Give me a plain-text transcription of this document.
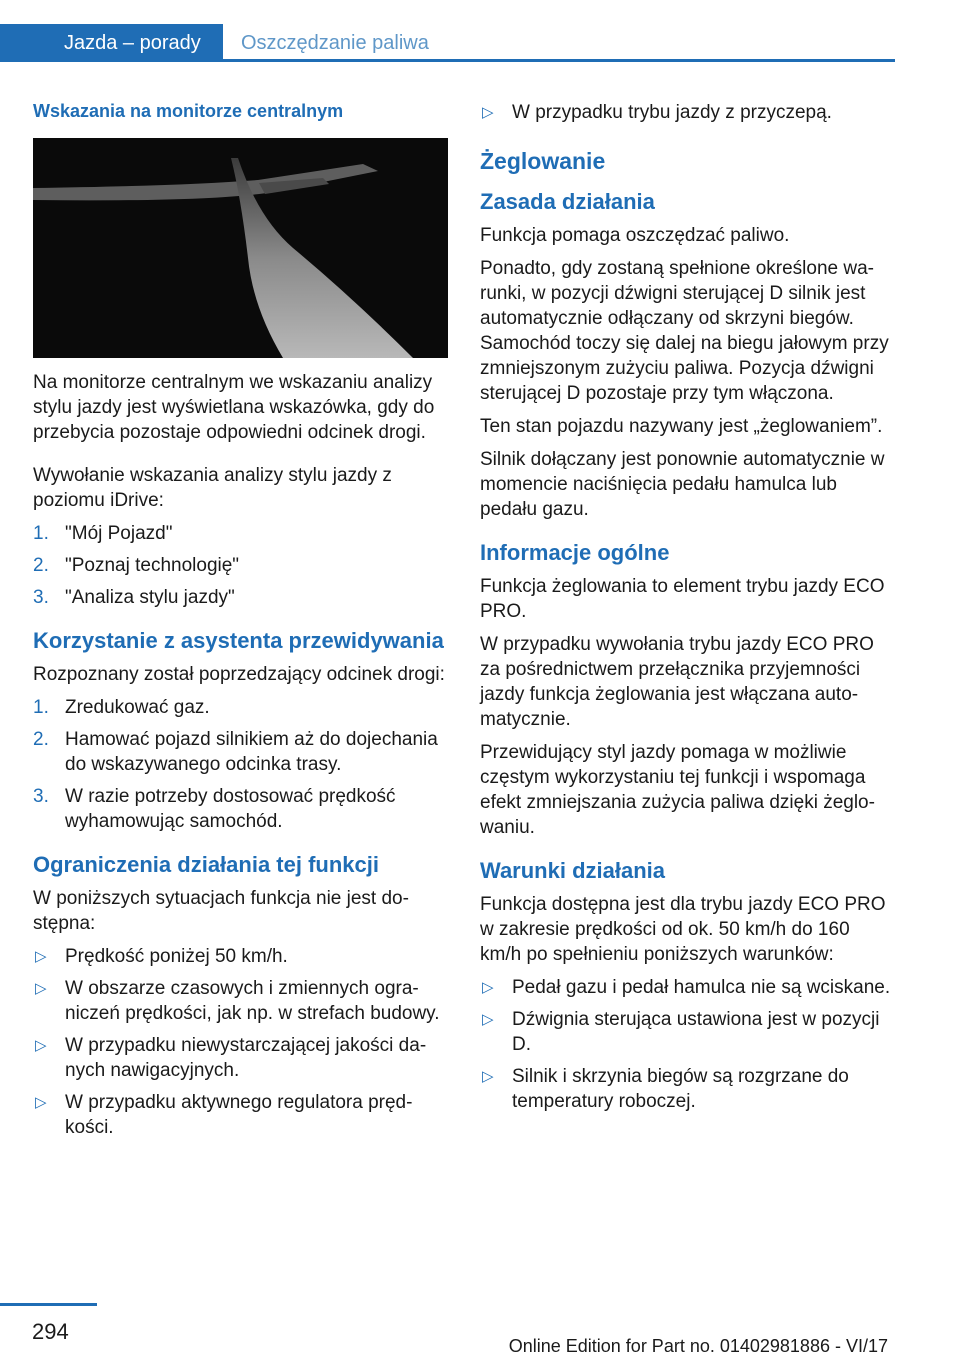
Jazda – porady	Oszczędzanie paliwa
Wskazania na monitorze centralnym

Na monitorze centralnym we wskazaniu analizy stylu jazdy jest wyświetlana wskazówka, gdy do przebycia pozostaje odpowiedni odcinek drogi.

Wywołanie wskazania analizy stylu jazdy z poziomu iDrive:

1. "Mój Pojazd"
2. "Poznaj technologię"
3. "Analiza stylu jazdy"
Korzystanie z asystenta przewidywania

Rozpoznany został poprzedzający odcinek drogi:

1. Zredukować gaz.
2. Hamować pojazd silnikiem aż do dojechania do wskazywanego odcinka trasy.
3. W razie potrzeby dostosować prędkość wyhamowując samochód.
Ograniczenia działania tej funkcji

W poniższych sytuacjach funkcja nie jest dostępna:

▷ Prędkość poniżej 50 km/h.
▷ W obszarze czasowych i zmiennych ograniczeń prędkości, jak np. w strefach budowy.
▷ W przypadku niewystarczającej jakości danych nawigacyjnych.
▷ W przypadku aktywnego regulatora prędkości.
▷ W przypadku trybu jazdy z przyczepą.
Żeglowanie
Zasada działania

Funkcja pomaga oszczędzać paliwo.

Ponadto, gdy zostaną spełnione określone warunki, w pozycji dźwigni sterującej D silnik jest automatycznie odłączany od skrzyni biegów. Samochód toczy się dalej na biegu jałowym przy zmniejszonym zużyciu paliwa. Pozycja dźwigni sterującej D pozostaje przy tym włączona.

Ten stan pojazdu nazywany jest „żeglowaniem”.

Silnik dołączany jest ponownie automatycznie w momencie naciśnięcia pedału hamulca lub pedału gazu.

Informacje ogólne

Funkcja żeglowania to element trybu jazdy ECO PRO.

W przypadku wywołania trybu jazdy ECO PRO za pośrednictwem przełącznika przyjemności jazdy funkcja żeglowania jest włączana automatycznie.

Przewidujący styl jazdy pomaga w możliwie częstym wykorzystaniu tej funkcji i wspomaga efekt zmniejszania zużycia paliwa dzięki żeglowaniu.

Warunki działania

Funkcja dostępna jest dla trybu jazdy ECO PRO w zakresie prędkości od ok. 50 km/h do 160 km/h po spełnieniu poniższych warunków:

▷ Pedał gazu i pedał hamulca nie są wciskane.
▷ Dźwignia sterująca ustawiona jest w pozycji D.
▷ Silnik i skrzynia biegów są rozgrzane do temperatury roboczej.
294
Online Edition for Part no. 01402981886 - VI/17
